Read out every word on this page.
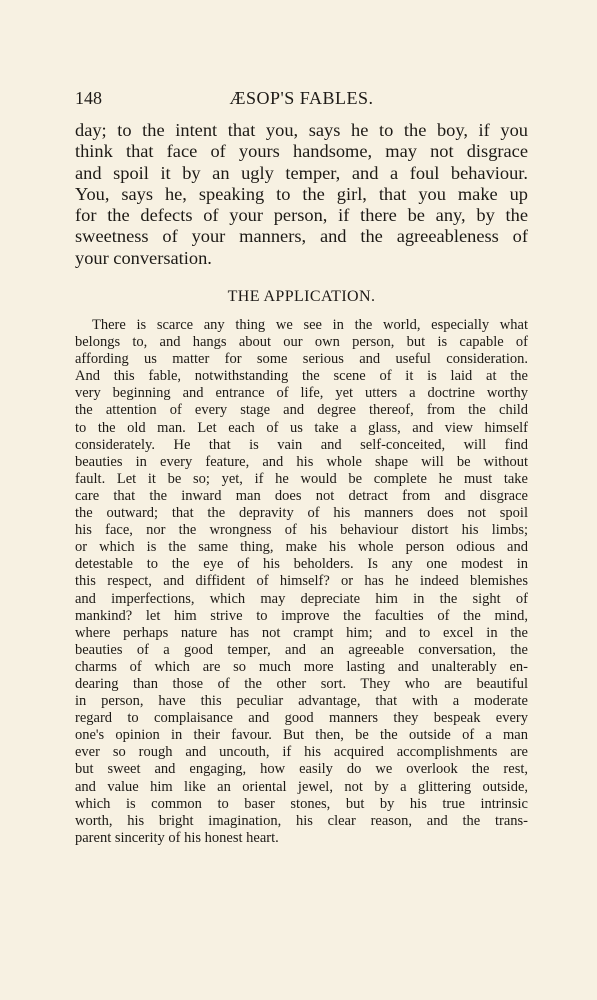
148	ÆSOP'S FABLES.

day; to the intent that you, says he to the boy, if you
think that face of yours handsome, may not disgrace
and spoil it by an ugly temper, and a foul behaviour.
You, says he, speaking to the girl, that you make up
for the defects of your person, if there be any, by the
sweetness of your manners, and the agreeableness of
your conversation.

THE APPLICATION.

There is scarce any thing we see in the world, especially what
belongs to, and hangs about our own person, but is capable of
affording us matter for some serious and useful consideration.
And this fable, notwithstanding the scene of it is laid at the
very beginning and entrance of life, yet utters a doctrine worthy
the attention of every stage and degree thereof, from the child
to the old man. Let each of us take a glass, and view himself
considerately. He that is vain and self-conceited, will find
beauties in every feature, and his whole shape will be without
fault. Let it be so; yet, if he would be complete he must take
care that the inward man does not detract from and disgrace
the outward; that the depravity of his manners does not spoil
his face, nor the wrongness of his behaviour distort his limbs;
or which is the same thing, make his whole person odious and
detestable to the eye of his beholders. Is any one modest in
this respect, and diffident of himself? or has he indeed blemishes
and imperfections, which may depreciate him in the sight of
mankind? let him strive to improve the faculties of the mind,
where perhaps nature has not crampt him; and to excel in the
beauties of a good temper, and an agreeable conversation, the
charms of which are so much more lasting and unalterably en-
dearing than those of the other sort. They who are beautiful
in person, have this peculiar advantage, that with a moderate
regard to complaisance and good manners they bespeak every
one's opinion in their favour. But then, be the outside of a man
ever so rough and uncouth, if his acquired accomplishments are
but sweet and engaging, how easily do we overlook the rest,
and value him like an oriental jewel, not by a glittering outside,
which is common to baser stones, but by his true intrinsic
worth, his bright imagination, his clear reason, and the trans-
parent sincerity of his honest heart.
